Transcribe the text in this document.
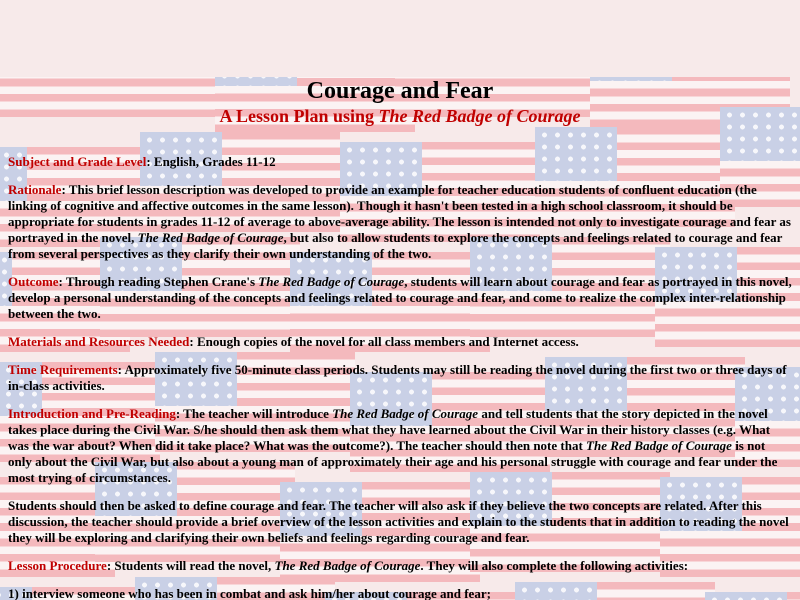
Courage and Fear
A Lesson Plan using The Red Badge of Courage

Subject and Grade Level: English, Grades 11-12

Rationale: This brief lesson description was developed to provide an example for teacher education students of confluent education (the linking of cognitive and affective outcomes in the same lesson). Though it hasn't been tested in a high school classroom, it should be appropriate for students in grades 11-12 of average to above-average ability. The lesson is intended not only to investigate courage and fear as portrayed in the novel, The Red Badge of Courage, but also to allow students to explore the concepts and feelings related to courage and fear from several perspectives as they clarify their own understanding of the two.

Outcome: Through reading Stephen Crane's The Red Badge of Courage, students will learn about courage and fear as portrayed in this novel, develop a personal understanding of the concepts and feelings related to courage and fear, and come to realize the complex inter-relationship between the two.

Materials and Resources Needed: Enough copies of the novel for all class members and Internet access.

Time Requirements: Approximately five 50-minute class periods. Students may still be reading the novel during the first two or three days of in-class activities.

Introduction and Pre-Reading: The teacher will introduce The Red Badge of Courage and tell students that the story depicted in the novel takes place during the Civil War. S/he should then ask them what they have learned about the Civil War in their history classes (e.g. What was the war about? When did it take place? What was the outcome?). The teacher should then note that The Red Badge of Courage is not only about the Civil War, but also about a young man of approximately their age and his personal struggle with courage and fear under the most trying of circumstances.

Students should then be asked to define courage and fear. The teacher will also ask if they believe the two concepts are related. After this discussion, the teacher should provide a brief overview of the lesson activities and explain to the students that in addition to reading the novel they will be exploring and clarifying their own beliefs and feelings regarding courage and fear.

Lesson Procedure: Students will read the novel, The Red Badge of Courage. They will also complete the following activities:

1) interview someone who has been in combat and ask him/her about courage and fear;
